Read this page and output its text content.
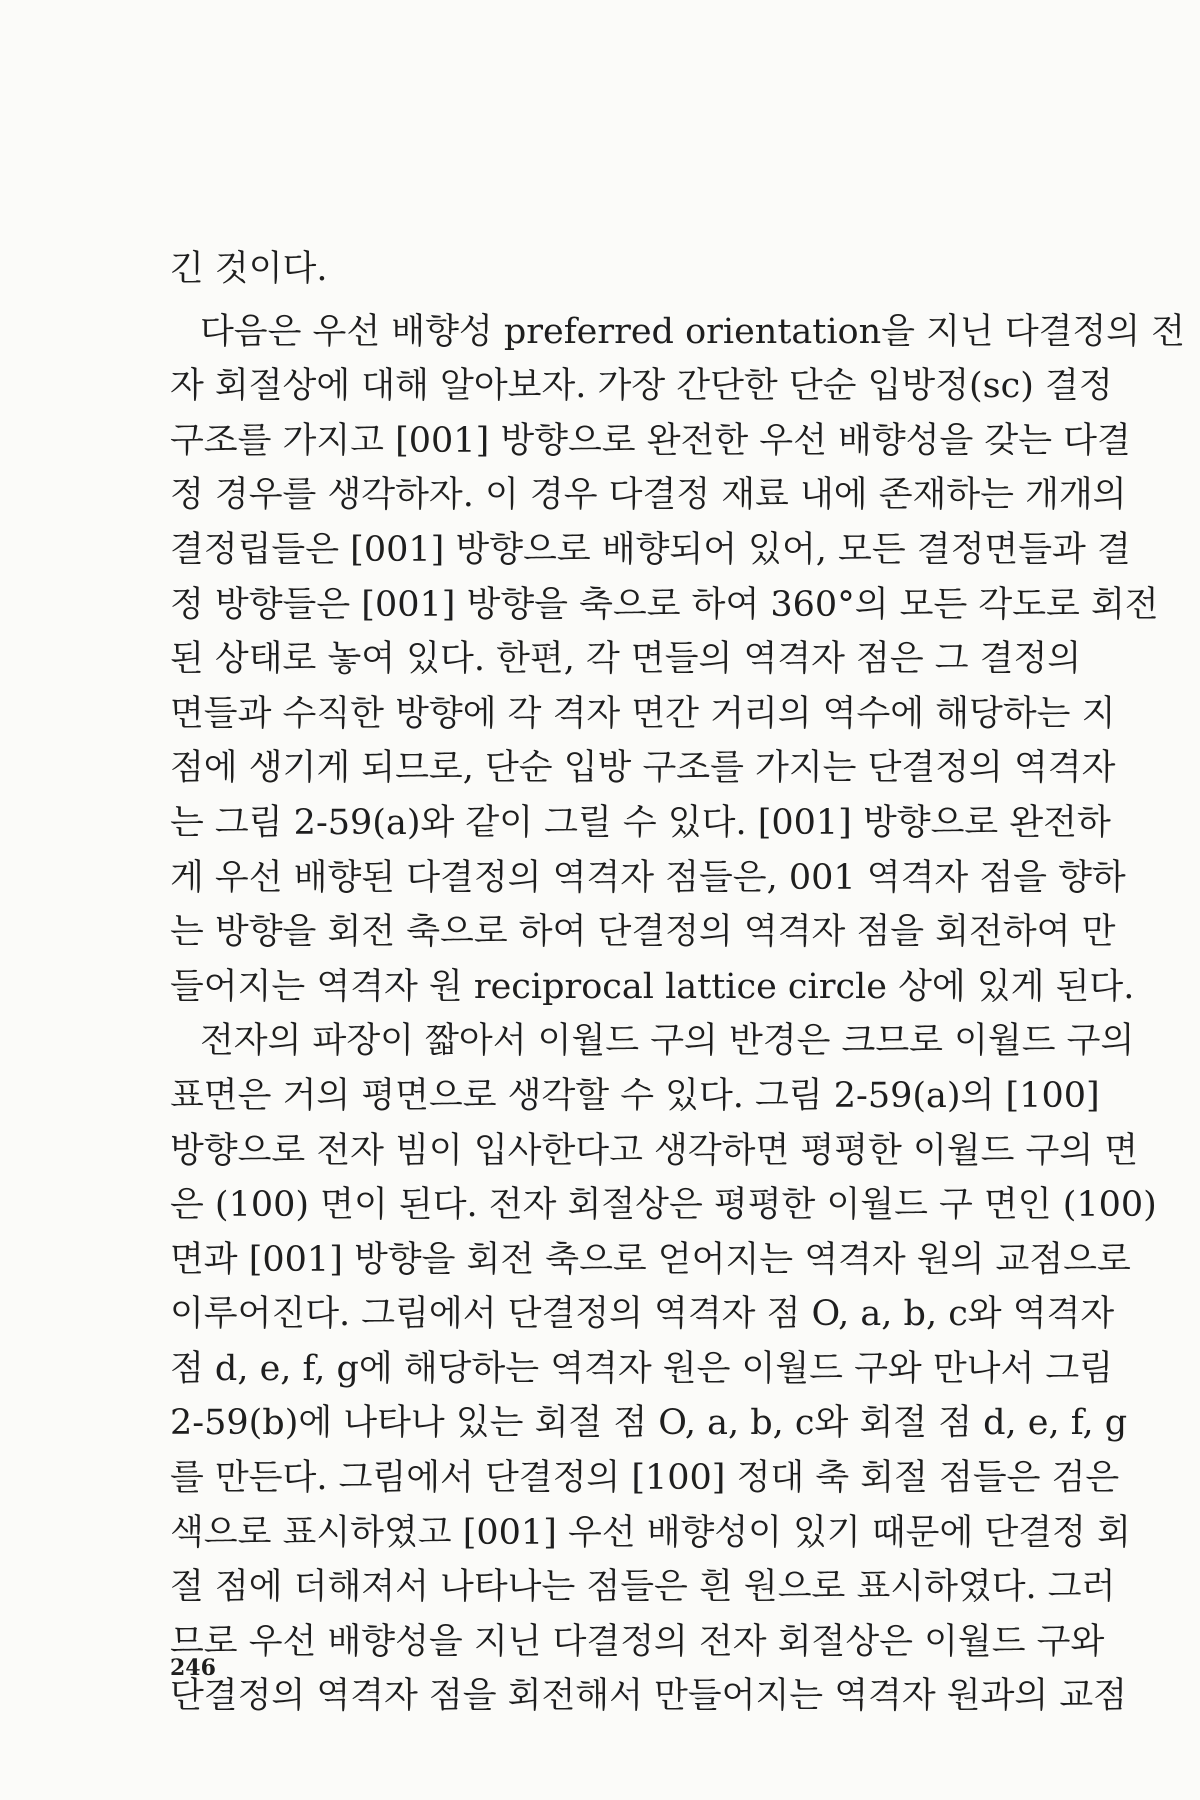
긴 것이다.
다음은 우선 배향성 preferred orientation을 지닌 다결정의 전
자 회절상에 대해 알아보자. 가장 간단한 단순 입방정(sc) 결정
구조를 가지고 [001] 방향으로 완전한 우선 배향성을 갖는 다결
정 경우를 생각하자. 이 경우 다결정 재료 내에 존재하는 개개의
결정립들은 [001] 방향으로 배향되어 있어, 모든 결정면들과 결
정 방향들은 [001] 방향을 축으로 하여 360°의 모든 각도로 회전
된 상태로 놓여 있다. 한편, 각 면들의 역격자 점은 그 결정의
면들과 수직한 방향에 각 격자 면간 거리의 역수에 해당하는 지
점에 생기게 되므로, 단순 입방 구조를 가지는 단결정의 역격자
는 그림 2-59(a)와 같이 그릴 수 있다. [001] 방향으로 완전하
게 우선 배향된 다결정의 역격자 점들은, 001 역격자 점을 향하
는 방향을 회전 축으로 하여 단결정의 역격자 점을 회전하여 만
들어지는 역격자 원 reciprocal lattice circle 상에 있게 된다.
전자의 파장이 짧아서 이월드 구의 반경은 크므로 이월드 구의
표면은 거의 평면으로 생각할 수 있다. 그림 2-59(a)의 [100]
방향으로 전자 빔이 입사한다고 생각하면 평평한 이월드 구의 면
은 (100) 면이 된다. 전자 회절상은 평평한 이월드 구 면인 (100)
면과 [001] 방향을 회전 축으로 얻어지는 역격자 원의 교점으로
이루어진다. 그림에서 단결정의 역격자 점 O, a, b, c와 역격자
점 d, e, f, g에 해당하는 역격자 원은 이월드 구와 만나서 그림
2-59(b)에 나타나 있는 회절 점 O, a, b, c와 회절 점 d, e, f, g
를 만든다. 그림에서 단결정의 [100] 정대 축 회절 점들은 검은
색으로 표시하였고 [001] 우선 배향성이 있기 때문에 단결정 회
절 점에 더해져서 나타나는 점들은 흰 원으로 표시하였다. 그러
므로 우선 배향성을 지닌 다결정의 전자 회절상은 이월드 구와
단결정의 역격자 점을 회전해서 만들어지는 역격자 원과의 교점
246
